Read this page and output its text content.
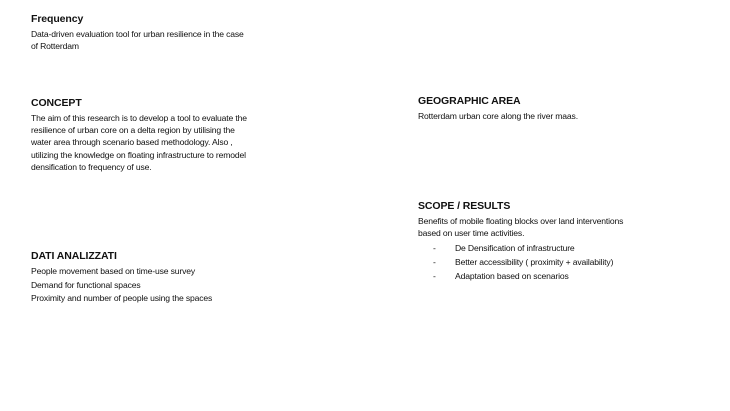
Frequency

Data-driven evaluation tool for urban resilience in the case
of Rotterdam

CONCEPT

The aim of this research is to develop a tool to evaluate the
resilience of urban core on a delta region by utilising the
water area through scenario based methodology. Also ,
utilizing the knowledge on floating infrastructure to remodel
densification to frequency of use.

DATI ANALIZZATI

People movement based on time-use survey
Demand for functional spaces
Proximity and number of people using the spaces

GEOGRAPHIC AREA

Rotterdam urban core along the river maas.

SCOPE / RESULTS

Benefits of mobile floating blocks over land interventions
based on user time activities.

- De Densification of infrastructure
- Better accessibility ( proximity + availability)
- Adaptation based on scenarios
